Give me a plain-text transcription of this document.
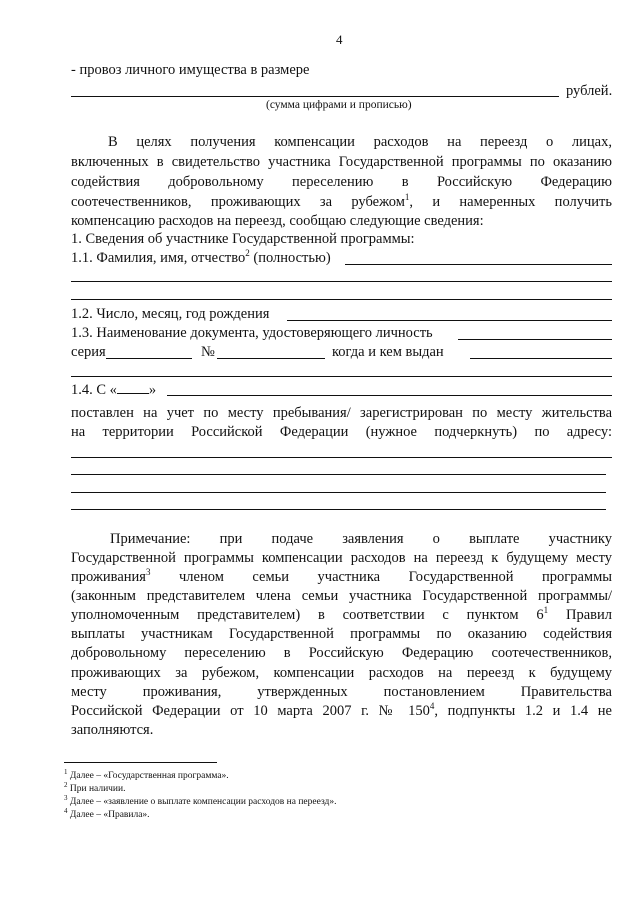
4
- провоз личного имущества в размере
рублей.
(сумма цифрами и прописью)
В целях получения компенсации расходов на переезд о лицах,
включенных в свидетельство участника Государственной программы по оказанию
содействия добровольному переселению в Российскую Федерацию
соотечественников, проживающих за рубежом$^1$, и намеренных получить
компенсацию расходов на переезд, сообщаю следующие сведения:
1. Сведения об участнике Государственной программы:
1.1. Фамилия, имя, отчество$^2$ (полностью)
1.2. Число, месяц, год рождения
1.3. Наименование документа, удостоверяющего личность
серия	№	когда и кем выдан
1.4. С « »
поставлен на учет по месту пребывания/ зарегистрирован по месту жительства
на территории Российской Федерации (нужное подчеркнуть) по адресу:
Примечание: при подаче заявления о выплате участнику
Государственной программы компенсации расходов на переезд к будущему месту
проживания$^3$ членом семьи участника Государственной программы
(законным представителем члена семьи участника Государственной программы/
уполномоченным представителем) в соответствии с пунктом $6^1$ Правил
выплаты участникам Государственной программы по оказанию содействия
добровольному переселению в Российскую Федерацию соотечественников,
проживающих за рубежом, компенсации расходов на переезд к будущему
месту проживания, утвержденных постановлением Правительства
Российской Федерации от 10 марта 2007 г. № $150^4$, подпункты 1.2 и 1.4 не
заполняются.
$^1$ Далее – «Государственная программа».
$^2$ При наличии.
$^3$ Далее – «заявление о выплате компенсации расходов на переезд».
$^4$ Далее – «Правила».
